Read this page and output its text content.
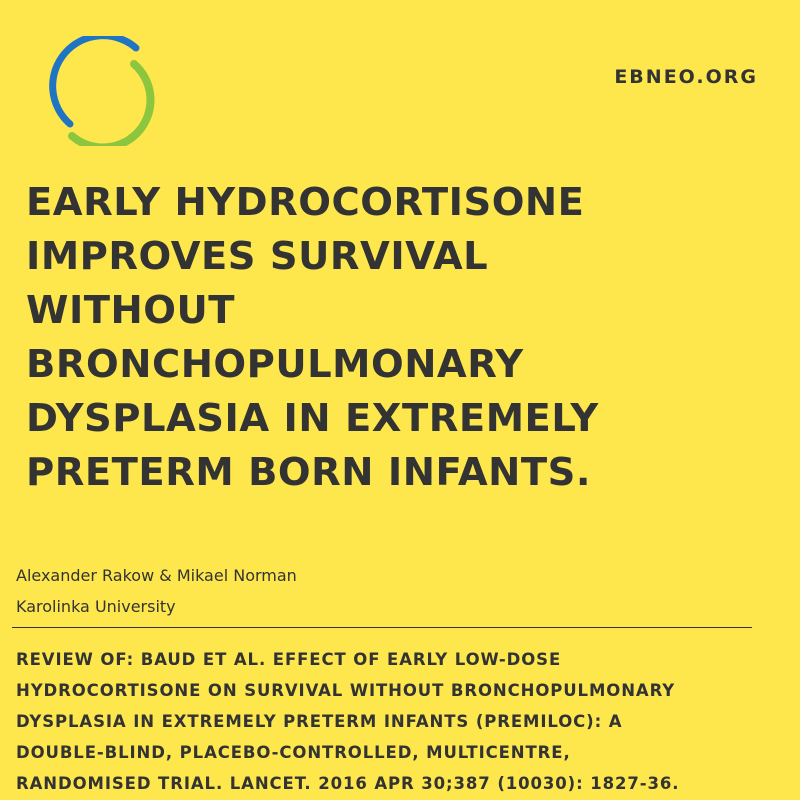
EBNEO.ORG
EARLY HYDROCORTISONE
IMPROVES SURVIVAL
WITHOUT
BRONCHOPULMONARY
DYSPLASIA IN EXTREMELY
PRETERM BORN INFANTS.
Alexander Rakow & Mikael Norman
Karolinka University

REVIEW OF: BAUD ET AL. EFFECT OF EARLY LOW-DOSE
HYDROCORTISONE ON SURVIVAL WITHOUT BRONCHOPULMONARY
DYSPLASIA IN EXTREMELY PRETERM INFANTS (PREMILOC): A
DOUBLE-BLIND, PLACEBO-CONTROLLED, MULTICENTRE,
RANDOMISED TRIAL. LANCET. 2016 APR 30;387 (10030): 1827-36.
